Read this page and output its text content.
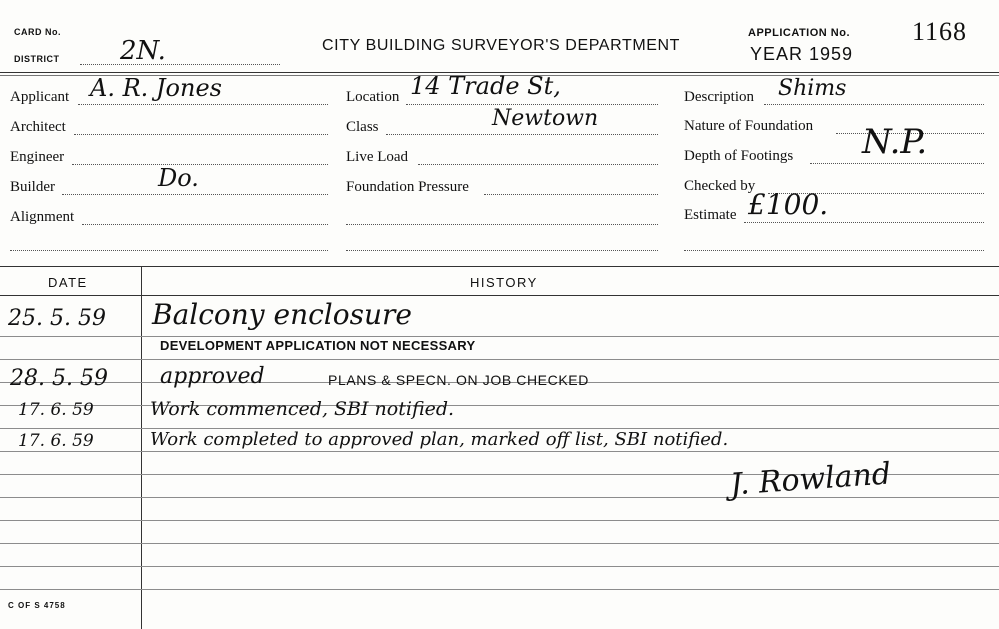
CARD No.
DISTRICT 2N.	CITY BUILDING SURVEYOR'S DEPARTMENT
APPLICATION No. 1168
YEAR 1959
Applicant A. R. Jones
Architect
Engineer
Builder	Do.
Alignment
Location 14 Trade St,
Class	Newtown
Live Load
Foundation Pressure
Description Shims
Nature of Foundation
Depth of Footings N.P.
Checked by
Estimate £100.
DATE	HISTORY
25. 5. 59 Balcony enclosure
DEVELOPMENT APPLICATION NOT NECESSARY
28. 5. 59 approved	PLANS & SPECN. ON JOB CHECKED
17. 6. 59	Work commenced, SBI notified.
17. 6. 59	Work completed to approved plan, marked off list, SBI notified.
J. Rowland
C OF S 4758
